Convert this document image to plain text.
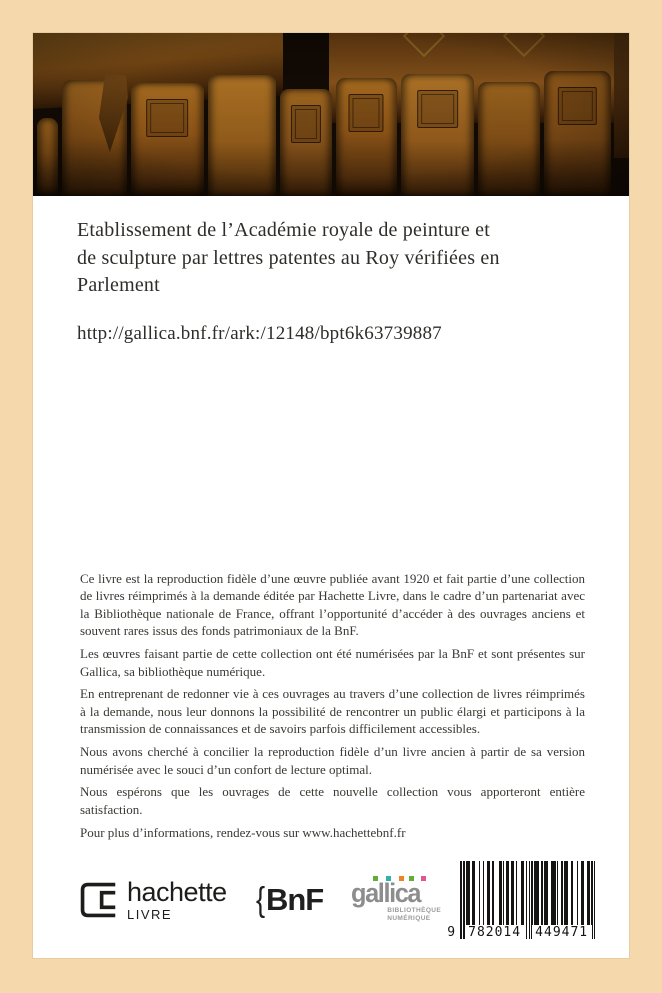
Etablissement de l’Académie royale de peinture et
de sculpture par lettres patentes au Roy vérifiées en
Parlement
http://gallica.bnf.fr/ark:/12148/bpt6k63739887

Ce livre est la reproduction fidèle d’une œuvre publiée avant 1920 et fait partie d’une collection de livres réimprimés à la demande éditée par Hachette Livre, dans le cadre d’un partenariat avec la Bibliothèque nationale de France, offrant l’opportunité d’accéder à des ouvrages anciens et souvent rares issus des fonds patrimoniaux de la BnF.

Les œuvres faisant partie de cette collection ont été numérisées par la BnF et sont présentes sur Gallica, sa bibliothèque numérique.

En entreprenant de redonner vie à ces ouvrages au travers d’une collection de livres réimprimés à la demande, nous leur donnons la possibilité de rencontrer un public élargi et participons à la transmission de connaissances et de savoirs parfois difficilement accessibles.

Nous avons cherché à concilier la reproduction fidèle d’un livre ancien à partir de sa version numérisée avec le souci d’un confort de lecture optimal.

Nous espérons que les ouvrages de cette nouvelle collection vous apporteront entière satisfaction.

Pour plus d’informations, rendez-vous sur www.hachettebnf.fr

hachette
LIVRE	{ BnF gallica
BIBLIOTHÈQUE
NUMÉRIQUE
9 782014 449471
